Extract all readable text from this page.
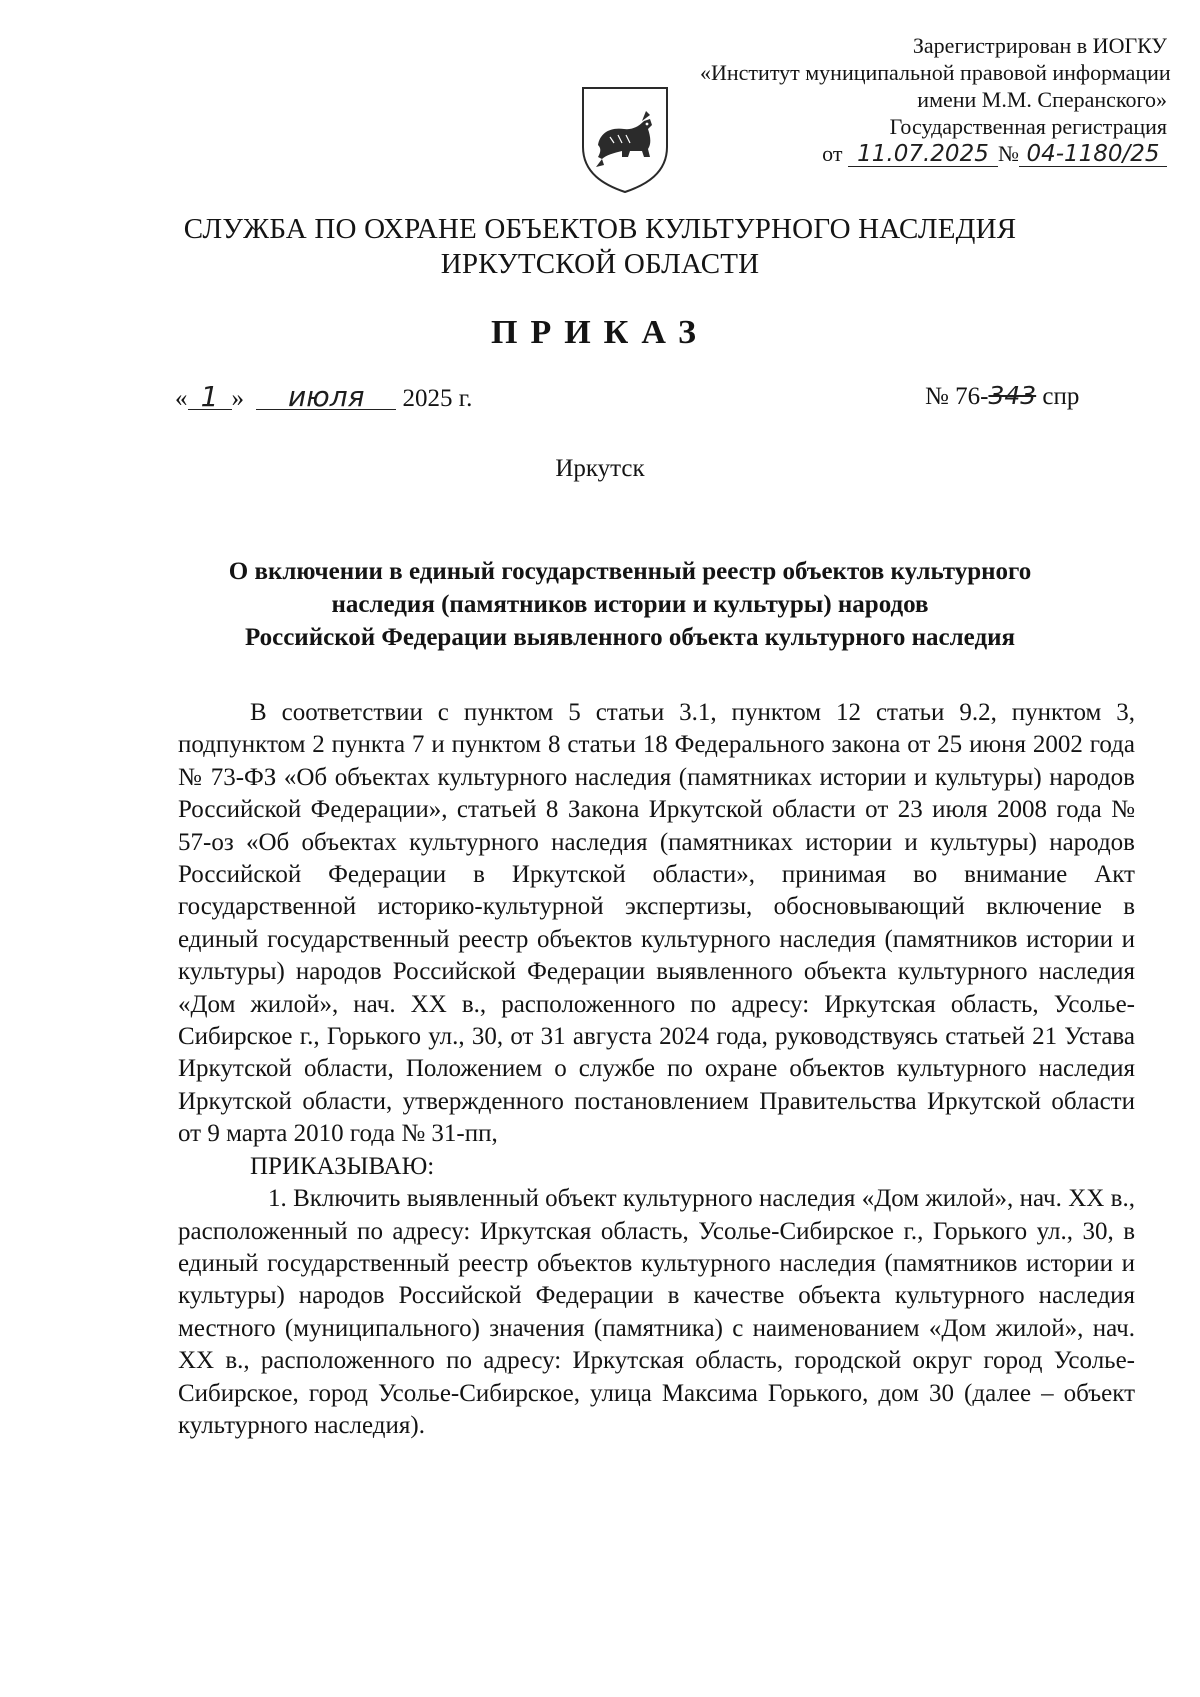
Зарегистрирован в ИОГКУ
«Институт муниципальной правовой информации
имени М.М. Сперанского»
Государственная регистрация
от 11.07.2025 № 04-1180/25
СЛУЖБА ПО ОХРАНЕ ОБЪЕКТОВ КУЛЬТУРНОГО НАСЛЕДИЯ
ИРКУТСКОЙ ОБЛАСТИ
ПРИКАЗ
« 1 » июля 2025 г.	№ 76-343 спр
Иркутск
О включении в единый государственный реестр объектов культурного
наследия (памятников истории и культуры) народов
Российской Федерации выявленного объекта культурного наследия

В соответствии с пунктом 5 статьи 3.1, пунктом 12 статьи 9.2, пунктом 3, подпунктом 2 пункта 7 и пунктом 8 статьи 18 Федерального закона от 25 июня 2002 года № 73-ФЗ «Об объектах культурного наследия (памятниках истории и культуры) народов Российской Федерации», статьей 8 Закона Иркутской области от 23 июля 2008 года № 57-оз «Об объектах культурного наследия (памятниках истории и культуры) народов Российской Федерации в Иркутской области», принимая во внимание Акт государственной историко-культурной экспертизы, обосновывающий включение в единый государственный реестр объектов культурного наследия (памятников истории и культуры) народов Российской Федерации выявленного объекта культурного наследия «Дом жилой», нач. XX в., расположенного по адресу: Иркутская область, Усолье-Сибирское г., Горького ул., 30, от 31 августа 2024 года, руководствуясь статьей 21 Устава Иркутской области, Положением о службе по охране объектов культурного наследия Иркутской области, утвержденного постановлением Правительства Иркутской области от 9 марта 2010 года № 31-пп,

ПРИКАЗЫВАЮ:

1. Включить выявленный объект культурного наследия «Дом жилой», нач. XX в., расположенный по адресу: Иркутская область, Усолье-Сибирское г., Горького ул., 30, в единый государственный реестр объектов культурного наследия (памятников истории и культуры) народов Российской Федерации в качестве объекта культурного наследия местного (муниципального) значения (памятника) с наименованием «Дом жилой», нач. XX в., расположенного по адресу: Иркутская область, городской округ город Усолье-Сибирское, город Усолье-Сибирское, улица Максима Горького, дом 30 (далее – объект культурного наследия).
